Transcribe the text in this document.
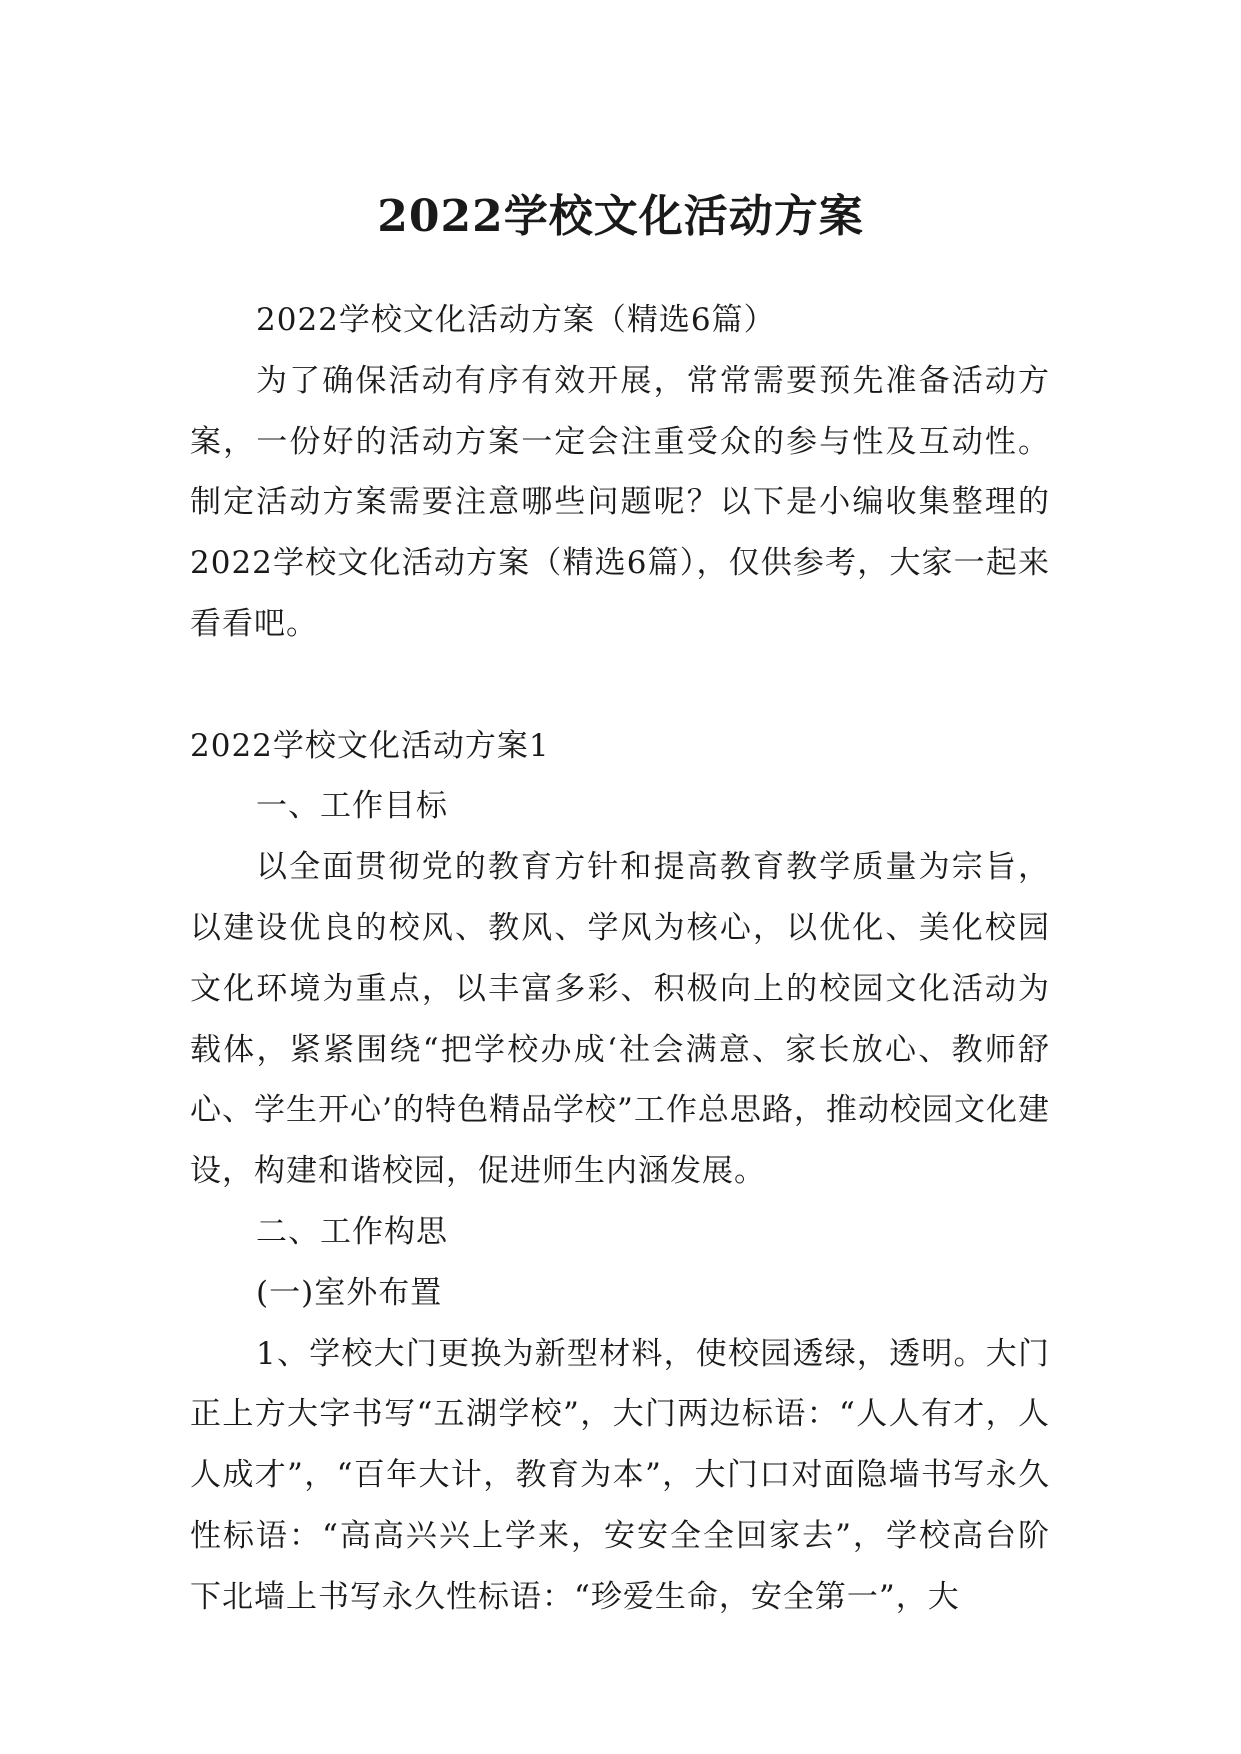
2022学校文化活动方案

2022学校文化活动方案（精选6篇）

为了确保活动有序有效开展，常常需要预先准备活动方案，一份好的活动方案一定会注重受众的参与性及互动性。制定活动方案需要注意哪些问题呢？以下是小编收集整理的2022学校文化活动方案（精选6篇），仅供参考，大家一起来看看吧。

2022学校文化活动方案1

一、工作目标

以全面贯彻党的教育方针和提高教育教学质量为宗旨，以建设优良的校风、教风、学风为核心，以优化、美化校园文化环境为重点，以丰富多彩、积极向上的校园文化活动为载体，紧紧围绕“把学校办成‘社会满意、家长放心、教师舒心、学生开心’的特色精品学校”工作总思路，推动校园文化建设，构建和谐校园，促进师生内涵发展。

二、工作构思

(一)室外布置

1、学校大门更换为新型材料，使校园透绿，透明。大门正上方大字书写“五湖学校”，大门两边标语：“人人有才，人人成才”，“百年大计，教育为本”，大门口对面隐墙书写永久性标语：“高高兴兴上学来，安安全全回家去”，学校高台阶下北墙上书写永久性标语：“珍爱生命，安全第一”，大
